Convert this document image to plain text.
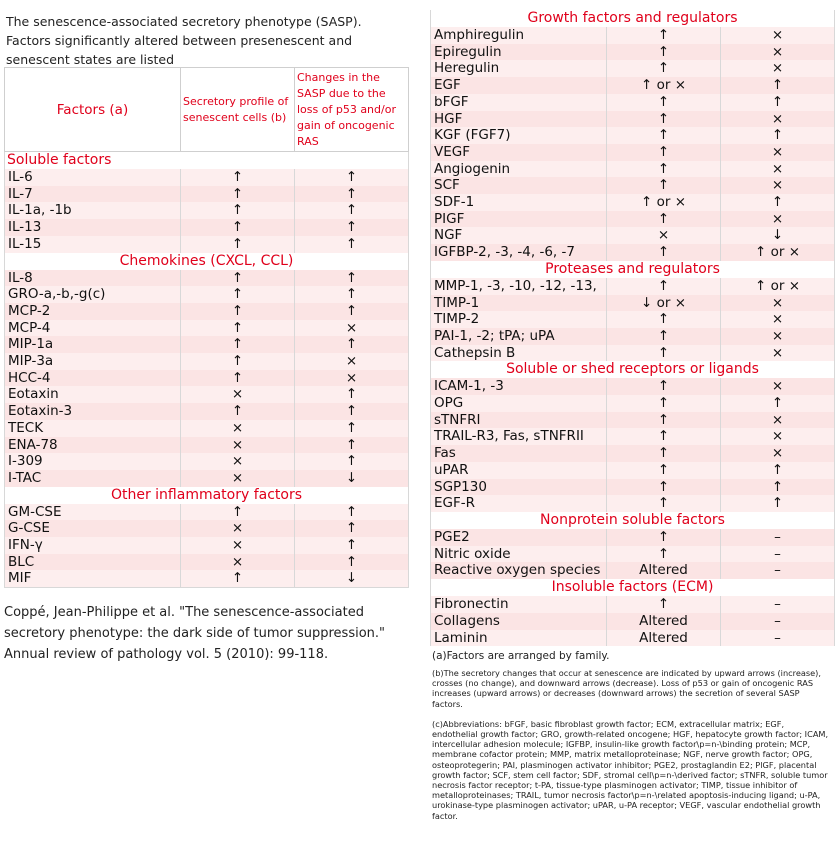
The senescence-associated secretory phenotype (SASP). Factors significantly altered between presenescent and senescent states are listed
Factors (a)	Secretory profile of senescent cells (b)	Changes in the SASP due to the loss of p53 and/or gain of oncogenic RAS
Soluble factors		
IL-6	↑	↑
IL-7	↑	↑
IL-1a, -1b	↑	↑
IL-13	↑	↑
IL-15	↑	↑
Chemokines (CXCL, CCL)		
IL-8	↑	↑
GRO-a,-b,-g(c)	↑	↑
MCP-2	↑	↑
MCP-4	↑	×
MIP-1a	↑	↑
MIP-3a	↑	×
HCC-4	↑	×
Eotaxin	×	↑
Eotaxin-3	↑	↑
TECK	×	↑
ENA-78	×	↑
I-309	×	↑
I-TAC	×	↓
Other inflammatory factors		
GM-CSE	↑	↑
G-CSE	×	↑
IFN-γ	×	↑
BLC	×	↑
MIF	↑	↓
Growth factors and regulators		
Amphiregulin	↑	×
Epiregulin	↑	×
Heregulin	↑	×
EGF	↑ or ×	↑
bFGF	↑	↑
HGF	↑	×
KGF (FGF7)	↑	↑
VEGF	↑	×
Angiogenin	↑	×
SCF	↑	×
SDF-1	↑ or ×	↑
PIGF	↑	×
NGF	×	↓
IGFBP-2, -3, -4, -6, -7	↑	↑ or ×
Proteases and regulators		
MMP-1, -3, -10, -12, -13,	↑	↑ or ×
TIMP-1	↓ or ×	×
TIMP-2	↑	×
PAI-1, -2; tPA; uPA	↑	×
Cathepsin B	↑	×
Soluble or shed receptors or ligands		
ICAM-1, -3	↑	×
OPG	↑	↑
sTNFRI	↑	×
TRAIL-R3, Fas, sTNFRII	↑	×
Fas	↑	×
uPAR	↑	↑
SGP130	↑	↑
EGF-R	↑	↑
Nonprotein soluble factors		
PGE2	↑	–
Nitric oxide	↑	–
Reactive oxygen species	Altered	–
Insoluble factors (ECM)		
Fibronectin	↑	–
Collagens	Altered	–
Laminin	Altered	–
Coppé, Jean-Philippe et al. "The senescence-associated secretory phenotype: the dark side of tumor suppression." Annual review of pathology vol. 5 (2010): 99-118.	(a)Factors are arranged by family.

(b)The secretory changes that occur at senescence are indicated by upward arrows (increase), crosses (no change), and downward arrows (decrease). Loss of p53 or gain of oncogenic RAS increases (upward arrows) or decreases (downward arrows) the secretion of several SASP factors.

(c)Abbreviations: bFGF, basic fibroblast growth factor; ECM, extracellular matrix; EGF, endothelial growth factor; GRO, growth-related oncogene; HGF, hepatocyte growth factor; ICAM, intercellular adhesion molecule; IGFBP, insulin-like growth factor\p=n-\binding protein; MCP, membrane cofactor protein; MMP, matrix metalloproteinase; NGF, nerve growth factor; OPG, osteoprotegerin; PAI, plasminogen activator inhibitor; PGE2, prostaglandin E2; PlGF, placental growth factor; SCF, stem cell factor; SDF, stromal cell\p=n-\derived factor; sTNFR, soluble tumor necrosis factor receptor; t-PA, tissue-type plasminogen activator; TIMP, tissue inhibitor of metalloproteinases; TRAIL, tumor necrosis factor\p=n-\related apoptosis-inducing ligand; u-PA, urokinase-type plasminogen activator; uPAR, u-PA receptor; VEGF, vascular endothelial growth factor.
